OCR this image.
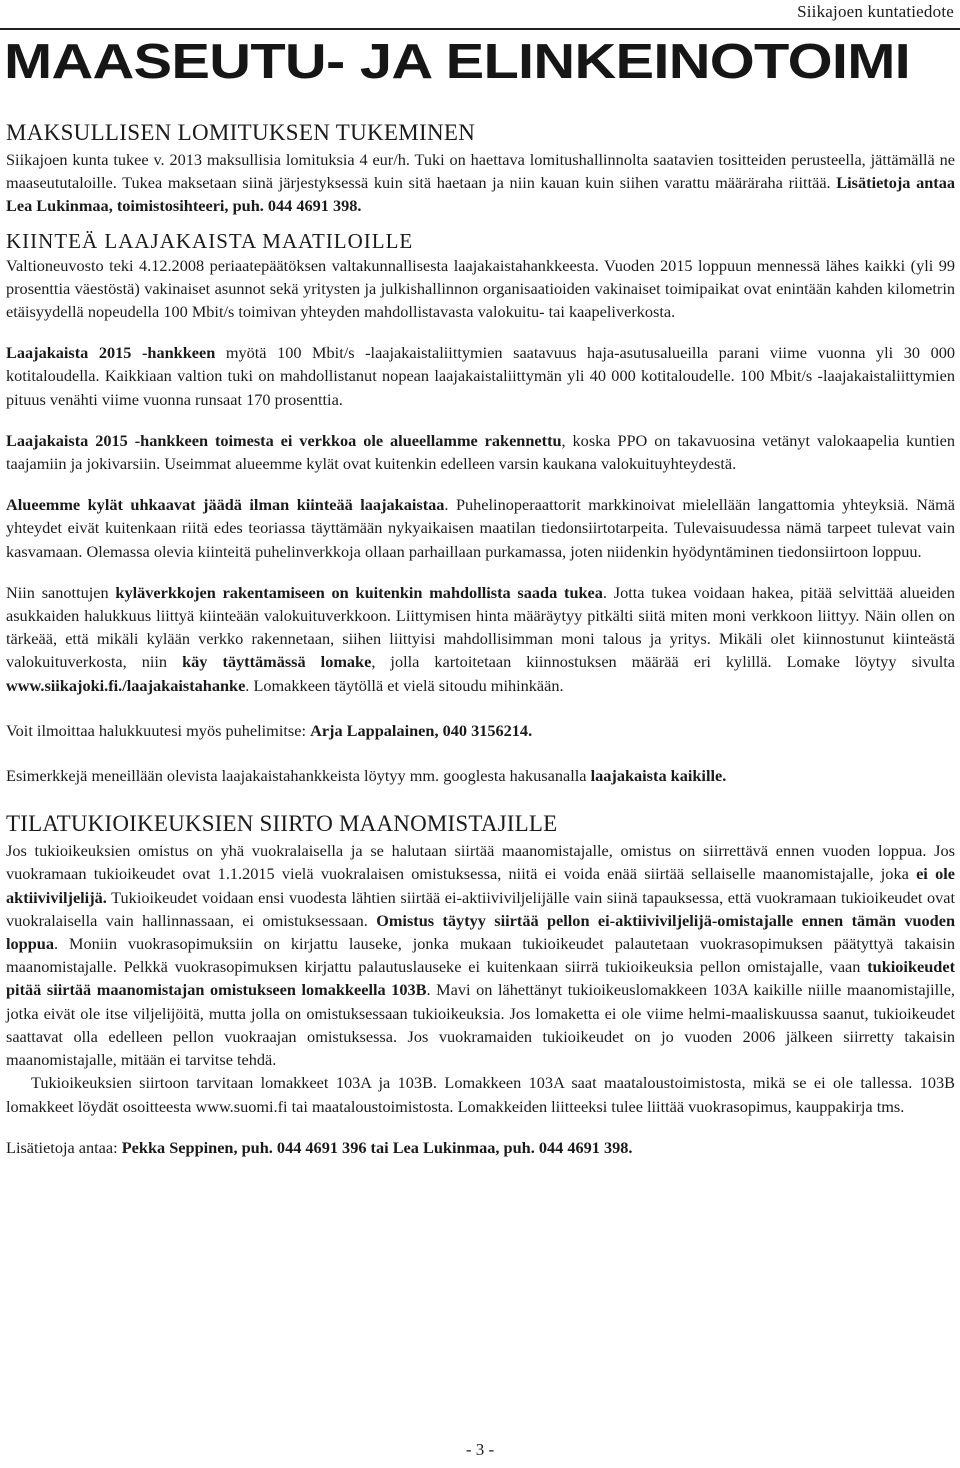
Siikajoen kuntatiedote
MAASEUTU- JA ELINKEINOTOIMI
MAKSULLISEN LOMITUKSEN TUKEMINEN

Siikajoen kunta tukee v. 2013 maksullisia lomituksia 4 eur/h. Tuki on haettava lomitushallinnolta saatavien tositteiden perusteella, jättämällä ne maaseututaloille. Tukea maksetaan siinä järjestyksessä kuin sitä haetaan ja niin kauan kuin siihen varattu määräraha riittää. Lisätietoja antaa Lea Lukinmaa, toimistosihteeri, puh. 044 4691 398.

KIINTEÄ LAAJAKAISTA MAATILOILLE

Valtioneuvosto teki 4.12.2008 periaatepäätöksen valtakunnallisesta laajakaistahankkeesta. Vuoden 2015 loppuun mennessä lähes kaikki (yli 99 prosenttia väestöstä) vakinaiset asunnot sekä yritysten ja julkishallinnon organisaatioiden vakinaiset toimipaikat ovat enintään kahden kilometrin etäisyydellä nopeudella 100 Mbit/s toimivan yhteyden mahdollistavasta valokuitu- tai kaapeliverkosta.

Laajakaista 2015 -hankkeen myötä 100 Mbit/s -laajakaistaliittymien saatavuus haja-asutusalueilla parani viime vuonna yli 30 000 kotitaloudella. Kaikkiaan valtion tuki on mahdollistanut nopean laajakaistaliittymän yli 40 000 kotitaloudelle. 100 Mbit/s -laajakaistaliittymien pituus venähti viime vuonna runsaat 170 prosenttia.

Laajakaista 2015 -hankkeen toimesta ei verkkoa ole alueellamme rakennettu, koska PPO on takavuosina vetänyt valokaapelia kuntien taajamiin ja jokivarsiin. Useimmat alueemme kylät ovat kuitenkin edelleen varsin kaukana valokuituyhteydestä.

Alueemme kylät uhkaavat jäädä ilman kiinteää laajakaistaa. Puhelinoperaattorit markkinoivat mielellään langattomia yhteyksiä. Nämä yhteydet eivät kuitenkaan riitä edes teoriassa täyttämään nykyaikaisen maatilan tiedonsiirtotarpeita. Tulevaisuudessa nämä tarpeet tulevat vain kasvamaan. Olemassa olevia kiinteitä puhelinverkkoja ollaan parhaillaan purkamassa, joten niidenkin hyödyntäminen tiedonsiirtoon loppuu.

Niin sanottujen kyläverkkojen rakentamiseen on kuitenkin mahdollista saada tukea. Jotta tukea voidaan hakea, pitää selvittää alueiden asukkaiden halukkuus liittyä kiinteään valokuituverkkoon. Liittymisen hinta määräytyy pitkälti siitä miten moni verkkoon liittyy. Näin ollen on tärkeää, että mikäli kylään verkko rakennetaan, siihen liittyisi mahdollisimman moni talous ja yritys. Mikäli olet kiinnostunut kiinteästä valokuituverkosta, niin käy täyttämässä lomake, jolla kartoitetaan kiinnostuksen määrää eri kylillä. Lomake löytyy sivulta www.siikajoki.fi./laajakaistahanke. Lomakkeen täytöllä et vielä sitoudu mihinkään.

Voit ilmoittaa halukkuutesi myös puhelimitse: Arja Lappalainen, 040 3156214.

Esimerkkejä meneillään olevista laajakaistahankkeista löytyy mm. googlesta hakusanalla laajakaista kaikille.

TILATUKIOIKEUKSIEN SIIRTO MAANOMISTAJILLE

Jos tukioikeuksien omistus on yhä vuokralaisella ja se halutaan siirtää maanomistajalle, omistus on siirrettävä ennen vuoden loppua. Jos vuokramaan tukioikeudet ovat 1.1.2015 vielä vuokralaisen omistuksessa, niitä ei voida enää siirtää sellaiselle maanomistajalle, joka ei ole aktiiviviljelijä. Tukioikeudet voidaan ensi vuodesta lähtien siirtää ei-aktiiviviljelijälle vain siinä tapauksessa, että vuokramaan tukioikeudet ovat vuokralaisella vain hallinnassaan, ei omistuksessaan. Omistus täytyy siirtää pellon ei-aktiiviviljelijä-omistajalle ennen tämän vuoden loppua. Moniin vuokrasopimuksiin on kirjattu lauseke, jonka mukaan tukioikeudet palautetaan vuokrasopimuksen päätyttyä takaisin maanomistajalle. Pelkkä vuokrasopimuksen kirjattu palautuslauseke ei kuitenkaan siirrä tukioikeuksia pellon omistajalle, vaan tukioikeudet pitää siirtää maanomistajan omistukseen lomakkeella 103B. Mavi on lähettänyt tukioikeuslomakkeen 103A kaikille niille maanomistajille, jotka eivät ole itse viljelijöitä, mutta jolla on omistuksessaan tukioikeuksia. Jos lomaketta ei ole viime helmi-maaliskuussa saanut, tukioikeudet saattavat olla edelleen pellon vuokraajan omistuksessa. Jos vuokramaiden tukioikeudet on jo vuoden 2006 jälkeen siirretty takaisin maanomistajalle, mitään ei tarvitse tehdä.

Tukioikeuksien siirtoon tarvitaan lomakkeet 103A ja 103B. Lomakkeen 103A saat maataloustoimistosta, mikä se ei ole tallessa. 103B lomakkeet löydät osoitteesta www.suomi.fi tai maataloustoimistosta. Lomakkeiden liitteeksi tulee liittää vuokrasopimus, kauppakirja tms.

Lisätietoja antaa: Pekka Seppinen, puh. 044 4691 396 tai Lea Lukinmaa, puh. 044 4691 398.

- 3 -
